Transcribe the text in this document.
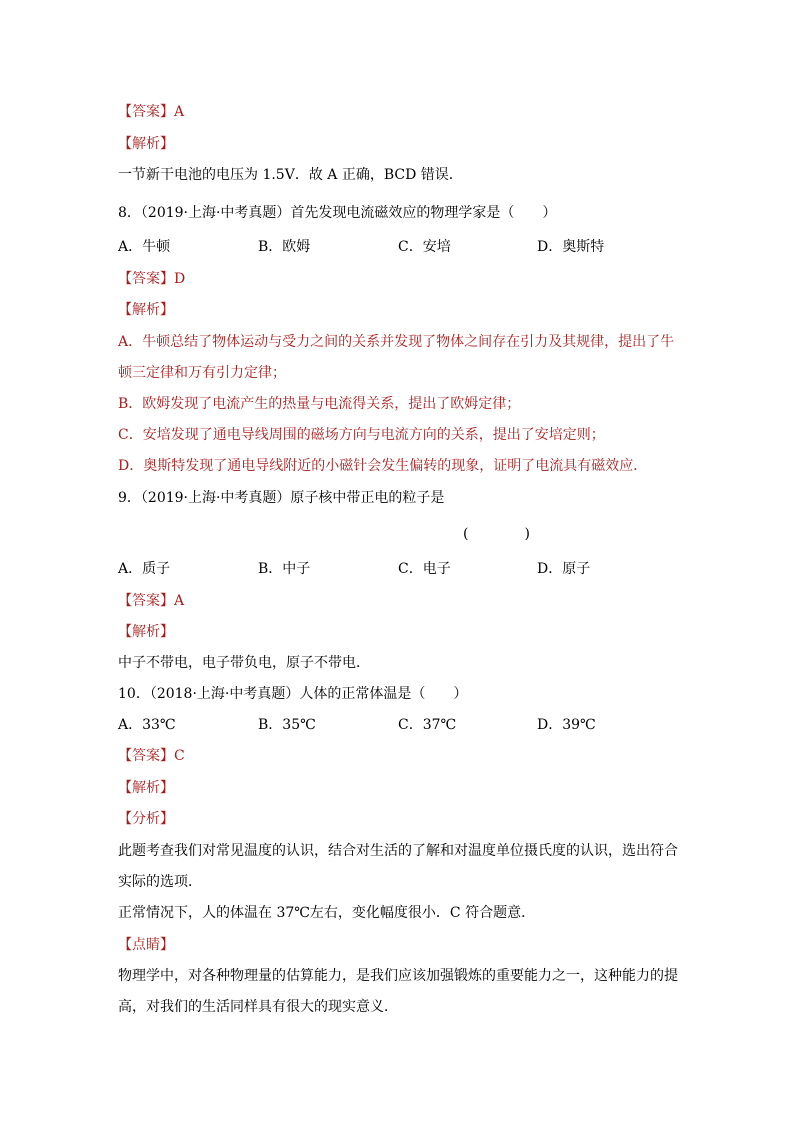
【答案】A
【解析】
一节新干电池的电压为 1.5V．故 A 正确，BCD 错误．
8．（2019·上海·中考真题）首先发现电流磁效应的物理学家是（　　）
A．牛顿	B．欧姆	C．安培	D．奥斯特
【答案】D
【解析】
A．牛顿总结了物体运动与受力之间的关系并发现了物体之间存在引力及其规律，提出了牛
顿三定律和万有引力定律；
B．欧姆发现了电流产生的热量与电流得关系，提出了欧姆定律；
C．安培发现了通电导线周围的磁场方向与电流方向的关系，提出了安培定则；
D．奥斯特发现了通电导线附近的小磁针会发生偏转的现象，证明了电流具有磁效应．
9．（2019·上海·中考真题）原子核中带正电的粒子是
(　　　　)
A．质子	B．中子	C．电子	D．原子
【答案】A
【解析】
中子不带电，电子带负电，原子不带电．
10．（2018·上海·中考真题）人体的正常体温是（　　）
A．33℃	B．35℃	C．37℃	D．39℃
【答案】C
【解析】
【分析】
此题考查我们对常见温度的认识，结合对生活的了解和对温度单位摄氏度的认识，选出符合
实际的选项．
正常情况下，人的体温在 37℃左右，变化幅度很小．C 符合题意．
【点睛】
物理学中，对各种物理量的估算能力，是我们应该加强锻炼的重要能力之一，这种能力的提
高，对我们的生活同样具有很大的现实意义．
